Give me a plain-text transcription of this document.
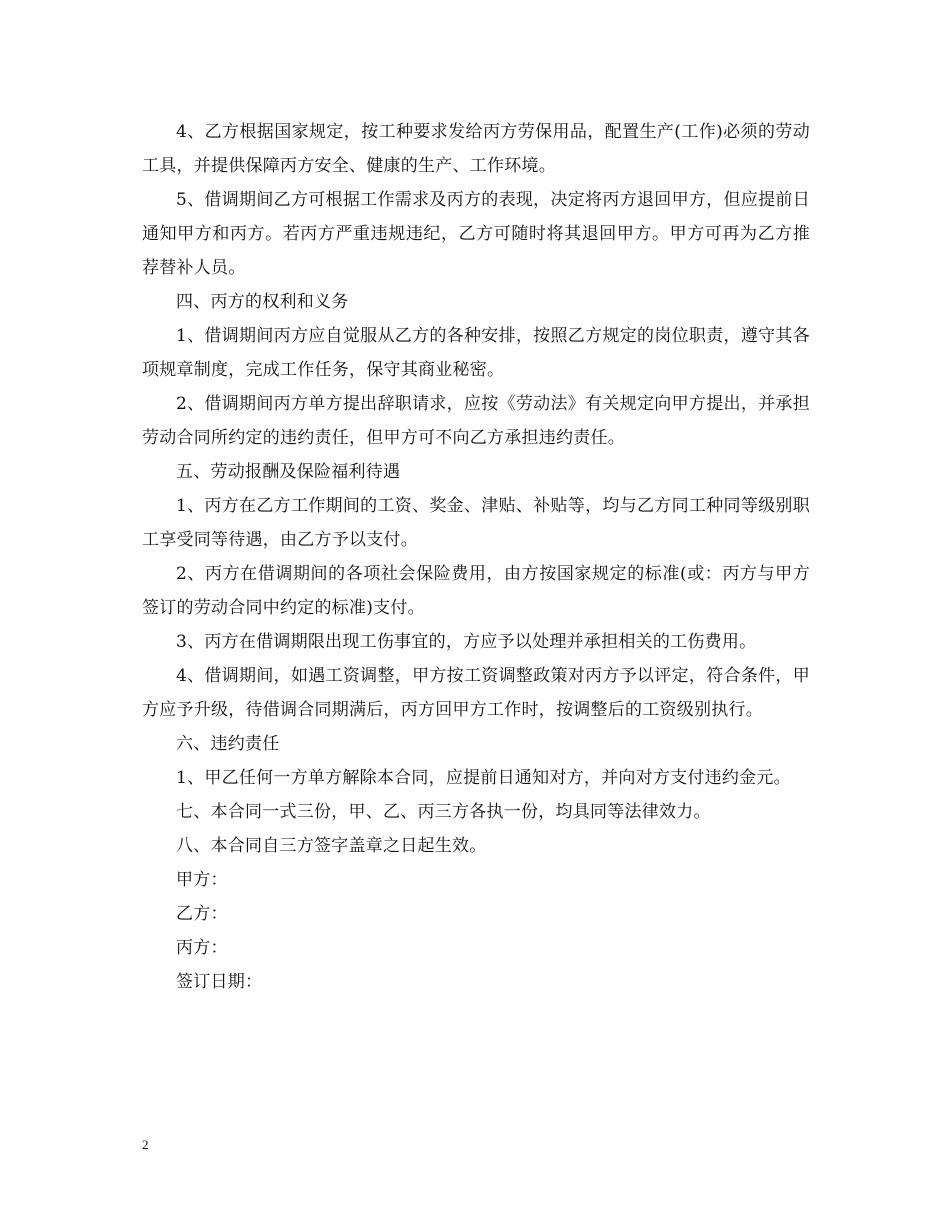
4、乙方根据国家规定，按工种要求发给丙方劳保用品，配置生产(工作)必须的劳动工具，并提供保障丙方安全、健康的生产、工作环境。

5、借调期间乙方可根据工作需求及丙方的表现，决定将丙方退回甲方，但应提前日通知甲方和丙方。若丙方严重违规违纪，乙方可随时将其退回甲方。甲方可再为乙方推荐替补人员。

四、丙方的权利和义务

1、借调期间丙方应自觉服从乙方的各种安排，按照乙方规定的岗位职责，遵守其各项规章制度，完成工作任务，保守其商业秘密。

2、借调期间丙方单方提出辞职请求，应按《劳动法》有关规定向甲方提出，并承担劳动合同所约定的违约责任，但甲方可不向乙方承担违约责任。

五、劳动报酬及保险福利待遇

1、丙方在乙方工作期间的工资、奖金、津贴、补贴等，均与乙方同工种同等级别职工享受同等待遇，由乙方予以支付。

2、丙方在借调期间的各项社会保险费用，由方按国家规定的标准(或：丙方与甲方签订的劳动合同中约定的标准)支付。

3、丙方在借调期限出现工伤事宜的，方应予以处理并承担相关的工伤费用。

4、借调期间，如遇工资调整，甲方按工资调整政策对丙方予以评定，符合条件，甲方应予升级，待借调合同期满后，丙方回甲方工作时，按调整后的工资级别执行。

六、违约责任

1、甲乙任何一方单方解除本合同，应提前日通知对方，并向对方支付违约金元。

七、本合同一式三份，甲、乙、丙三方各执一份，均具同等法律效力。

八、本合同自三方签字盖章之日起生效。

甲方：

乙方：

丙方：

签订日期：

2
